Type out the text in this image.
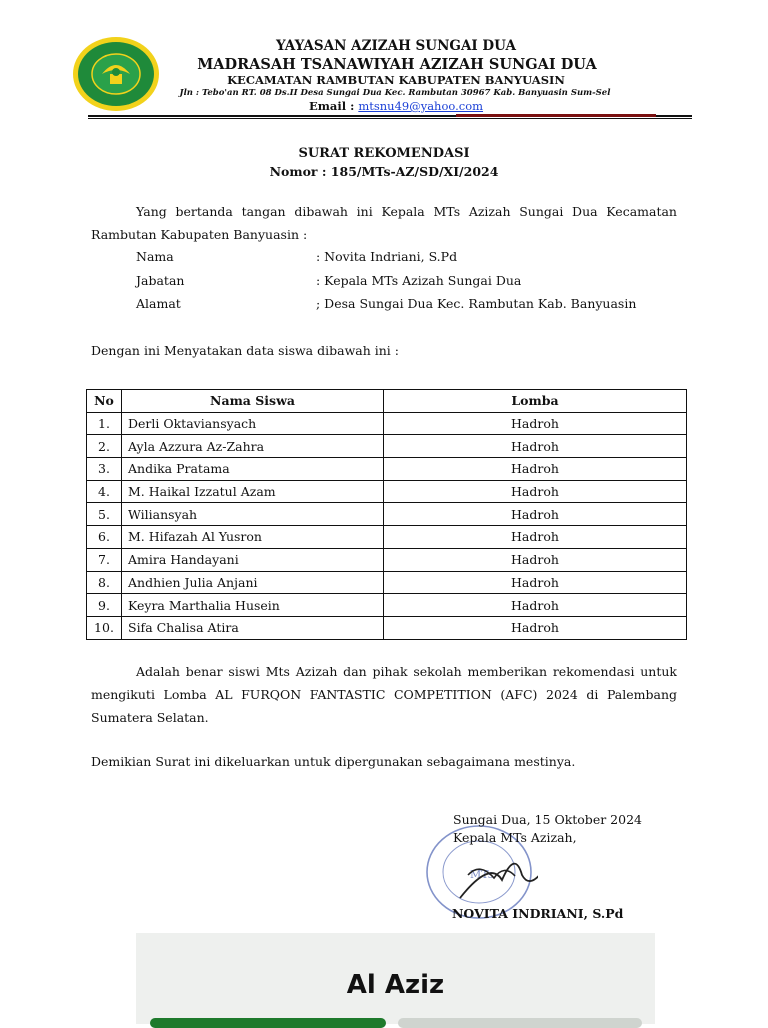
YAYASAN AZIZAH SUNGAI DUA
MADRASAH TSANAWIYAH AZIZAH SUNGAI DUA
KECAMATAN RAMBUTAN KABUPATEN BANYUASIN
Jln : Tebo'an RT. 08 Ds.II Desa Sungai Dua Kec. Rambutan 30967 Kab. Banyuasin Sum-Sel
Email : mtsnu49@yahoo.com
SURAT REKOMENDASI
Nomor : 185/MTs-AZ/SD/XI/2024
Yang bertanda tangan dibawah ini Kepala MTs Azizah Sungai Dua Kecamatan Rambutan Kabupaten Banyuasin :
Nama	: Novita Indriani, S.Pd
Jabatan	: Kepala MTs Azizah Sungai Dua
Alamat	; Desa Sungai Dua Kec. Rambutan Kab. Banyuasin
Dengan ini Menyatakan data siswa dibawah ini :
No	Nama Siswa	Lomba
1.	Derli Oktaviansyach	Hadroh
2.	Ayla Azzura Az-Zahra	Hadroh
3.	Andika Pratama	Hadroh
4.	M. Haikal Izzatul Azam	Hadroh
5.	Wiliansyah	Hadroh
6.	M. Hifazah Al Yusron	Hadroh
7.	Amira Handayani	Hadroh
8.	Andhien Julia Anjani	Hadroh
9.	Keyra Marthalia Husein	Hadroh
10.	Sifa Chalisa Atira	Hadroh
Adalah benar siswi Mts Azizah dan pihak sekolah memberikan rekomendasi untuk mengikuti Lomba AL FURQON FANTASTIC COMPETITION (AFC) 2024 di Palembang Sumatera Selatan.
Demikian Surat ini dikeluarkan untuk dipergunakan sebagaimana mestinya.
MTs
Sungai Dua, 15 Oktober 2024
Kepala MTs Azizah,
NOVITA INDRIANI, S.Pd
Al Aziz
